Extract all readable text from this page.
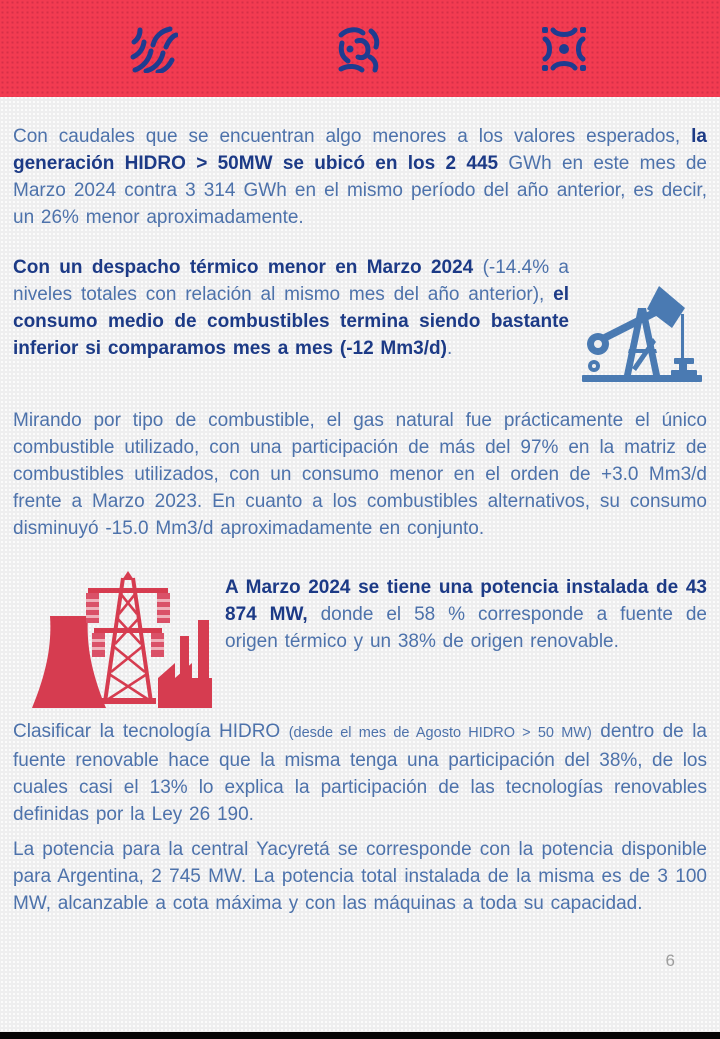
Con caudales que se encuentran algo menores a los valores esperados, la generación HIDRO > 50MW se ubicó en los 2 445 GWh en este mes de Marzo 2024 contra 3 314 GWh en el mismo período del año anterior, es decir, un 26% menor aproximadamente.

Con un despacho térmico menor en Marzo 2024 (-14.4% a niveles totales con relación al mismo mes del año anterior), el consumo medio de combustibles termina siendo bastante inferior si comparamos mes a mes (-12 Mm3/d).

Mirando por tipo de combustible, el gas natural fue prácticamente el único combustible utilizado, con una participación de más del 97% en la matriz de combustibles utilizados, con un consumo menor en el orden de +3.0 Mm3/d frente a Marzo 2023. En cuanto a los combustibles alternativos, su consumo disminuyó -15.0 Mm3/d aproximadamente en conjunto.

A Marzo 2024 se tiene una potencia instalada de 43 874 MW, donde el 58 % corresponde a fuente de origen térmico y un 38% de origen renovable.

Clasificar la tecnología HIDRO (desde el mes de Agosto HIDRO > 50 MW) dentro de la fuente renovable hace que la misma tenga una participación del 38%, de los cuales casi el 13% lo explica la participación de las tecnologías renovables definidas por la Ley 26 190.

La potencia para la central Yacyretá se corresponde con la potencia disponible para Argentina, 2 745 MW. La potencia total instalada de la misma es de 3 100 MW, alcanzable a cota máxima y con las máquinas a toda su capacidad.

6
